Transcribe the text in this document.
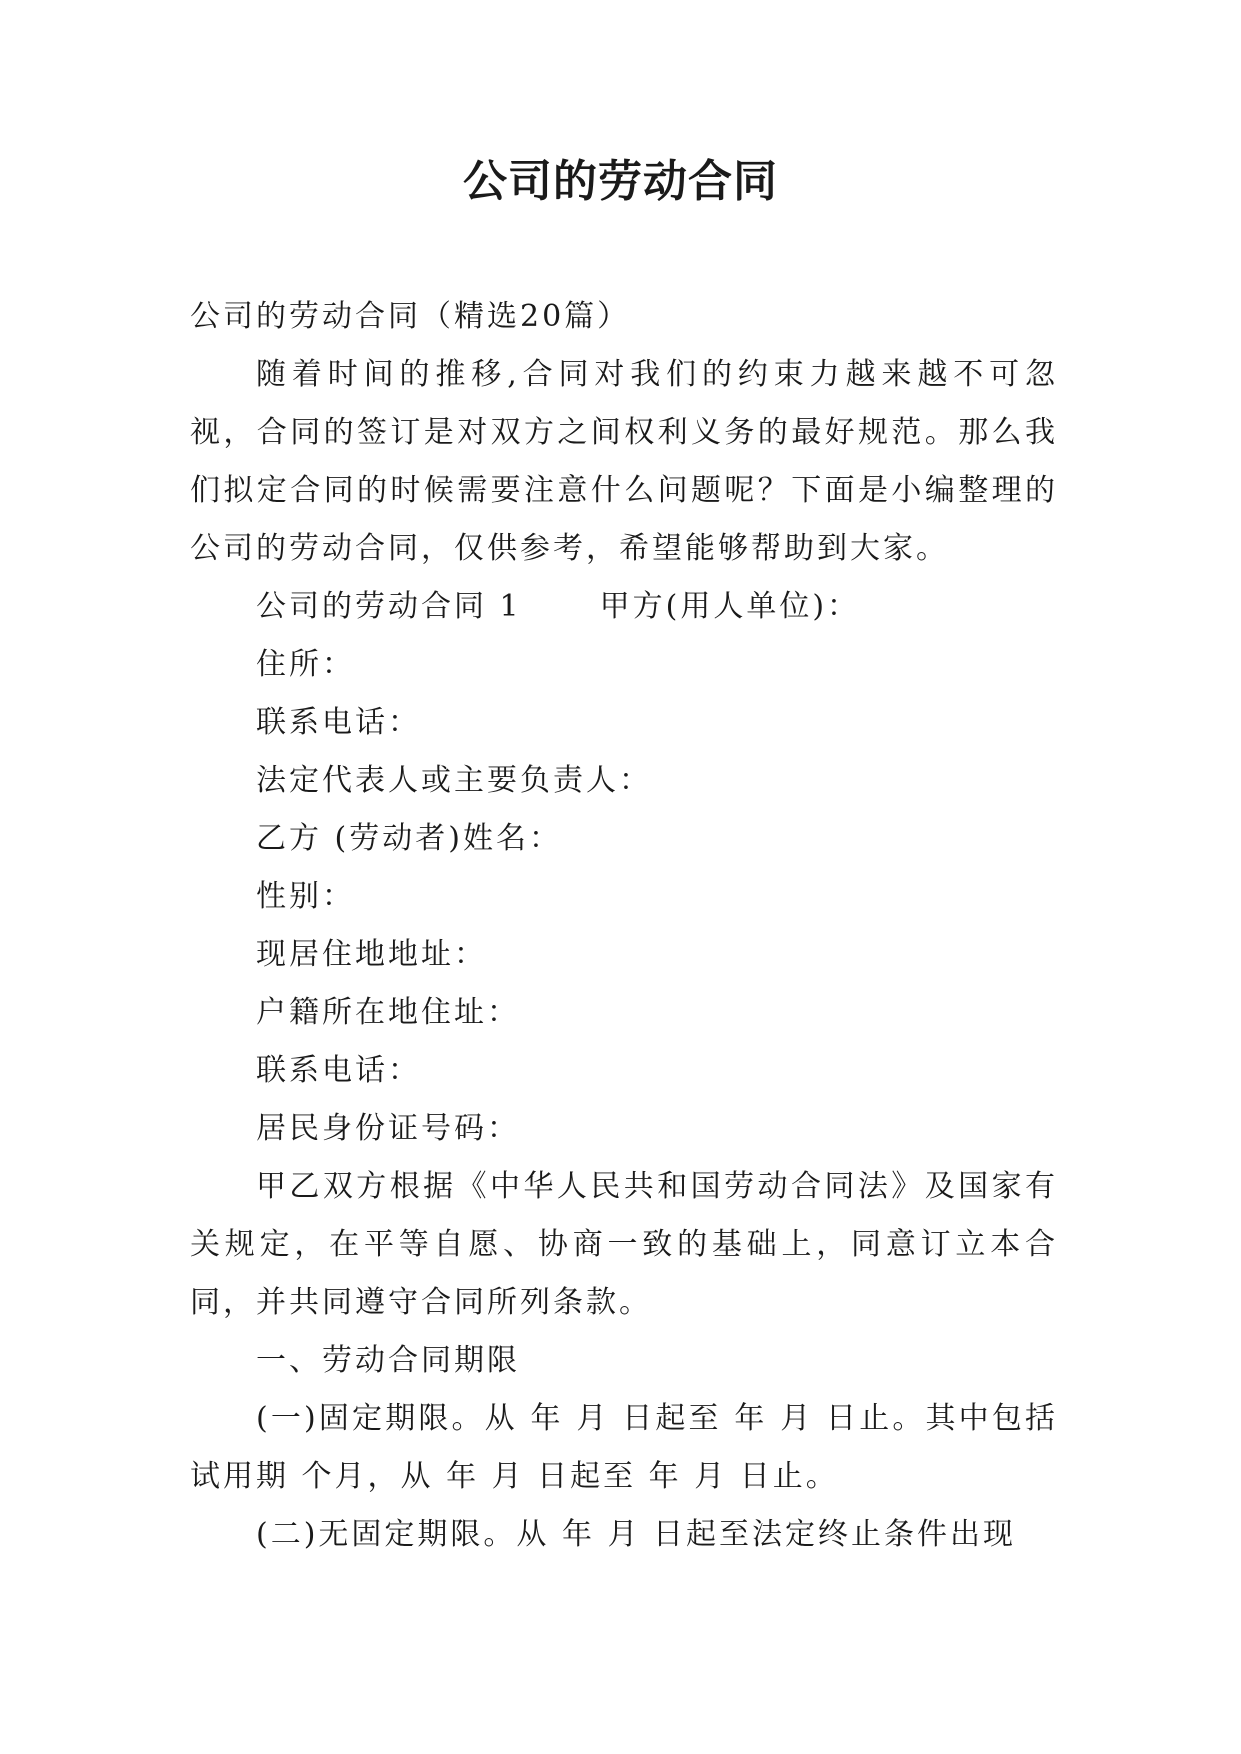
公司的劳动合同

公司的劳动合同（精选20篇）

随着时间的推移,合同对我们的约束力越来越不可忽视，合同的签订是对双方之间权利义务的最好规范。那么我们拟定合同的时候需要注意什么问题呢？下面是小编整理的公司的劳动合同，仅供参考，希望能够帮助到大家。

公司的劳动合同 1	甲方(用人单位)：

住所：

联系电话：

法定代表人或主要负责人：

乙方 (劳动者)姓名：

性别：

现居住地地址：

户籍所在地住址：

联系电话：

居民身份证号码：

甲乙双方根据《中华人民共和国劳动合同法》及国家有关规定，在平等自愿、协商一致的基础上，同意订立本合同，并共同遵守合同所列条款。

一、劳动合同期限

(一)固定期限。从 年 月 日起至 年 月 日止。其中包括试用期 个月，从 年 月 日起至 年 月 日止。

(二)无固定期限。从 年 月 日起至法定终止条件出现
